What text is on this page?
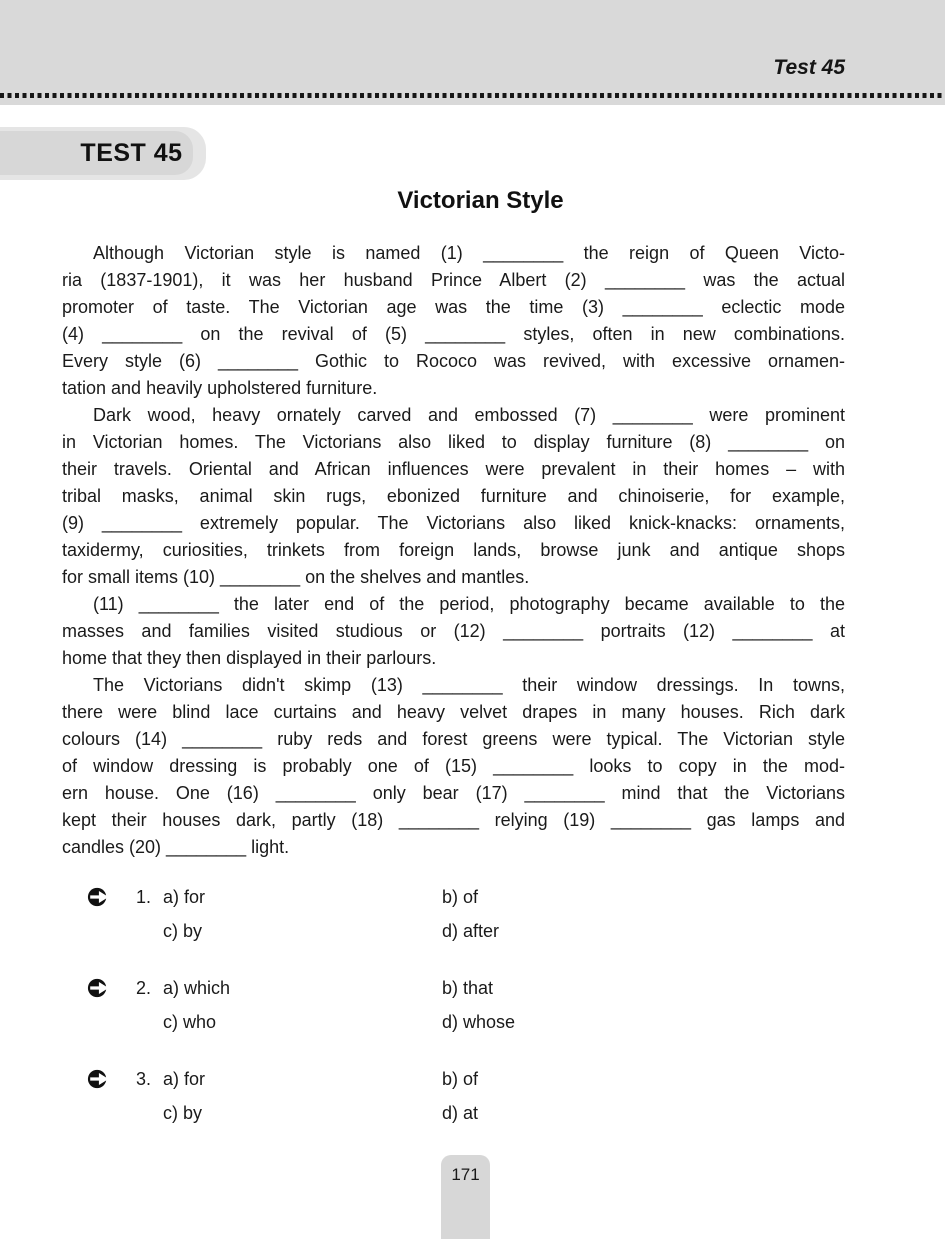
Test 45
TEST 45
Victorian Style
Although Victorian style is named (1) ________ the reign of Queen Victo-
ria (1837-1901), it was her husband Prince Albert (2) ________ was the actual
promoter of taste. The Victorian age was the time (3) ________ eclectic mode
(4) ________ on the revival of (5) ________ styles, often in new combinations.
Every style (6) ________ Gothic to Rococo was revived, with excessive ornamen-
tation and heavily upholstered furniture.
Dark wood, heavy ornately carved and embossed (7) ________ were prominent
in Victorian homes. The Victorians also liked to display furniture (8) ________ on
their travels. Oriental and African influences were prevalent in their homes – with
tribal masks, animal skin rugs, ebonized furniture and chinoiserie, for example,
(9) ________ extremely popular. The Victorians also liked knick-knacks: ornaments,
taxidermy, curiosities, trinkets from foreign lands, browse junk and antique shops
for small items (10) ________ on the shelves and mantles.
(11) ________ the later end of the period, photography became available to the
masses and families visited studious or (12) ________ portraits (12) ________ at
home that they then displayed in their parlours.
The Victorians didn't skimp (13) ________ their window dressings. In towns,
there were blind lace curtains and heavy velvet drapes in many houses. Rich dark
colours (14) ________ ruby reds and forest greens were typical. The Victorian style
of window dressing is probably one of (15) ________ looks to copy in the mod-
ern house. One (16) ________ only bear (17) ________ mind that the Victorians
kept their houses dark, partly (18) ________ relying (19) ________ gas lamps and
candles (20) ________ light.
1. a) for	b) of
c) by	d) after
2. a) which	b) that
c) who	d) whose
3. a) for	b) of
c) by	d) at
171
